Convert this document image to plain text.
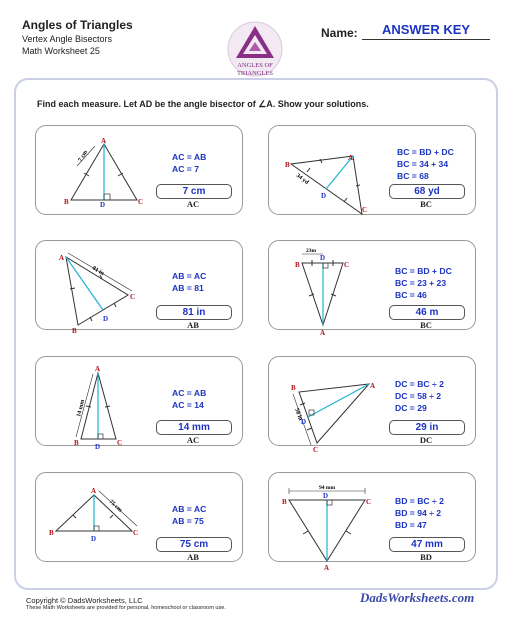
Angles of Triangles
Vertex Angle Bisectors
Math Worksheet 25
ANGLES OF
TRIANGLES
Name:	ANSWER KEY
Find each measure. Let AD be the angle bisector of ∠A. Show your solutions.
7 cm
A
B	C
D
AC = AB
AC = 7
7 cm
AC
34 yd
A
B
C
D
BC = BD + DC
BC = 34 + 34
BC = 68
68 yd
BC
81 in
A
B
C
D
AB = AC
AB = 81
81 in
AB
23m
A
B	C
D
BC = BD + DC
BC = 23 + 23
BC = 46
46 m
BC
14 mm
A
B	C
D
AC = AB
AC = 14
14 mm
AC
58 in
A
B
C
D
DC = BC ÷ 2
DC = 58 ÷ 2
DC = 29
29 in
DC
75 cm
A
B	C
D
AB = AC
AB = 75
75 cm
AB
94 mm
A
B	C
D	BD = BC ÷ 2
BD = 94 ÷ 2
BD = 47
47 mm
BD
Copyright © DadsWorksheets, LLC
These Math Worksheets are provided for personal, homeschool or classroom use.
DadsWorksheets.com
